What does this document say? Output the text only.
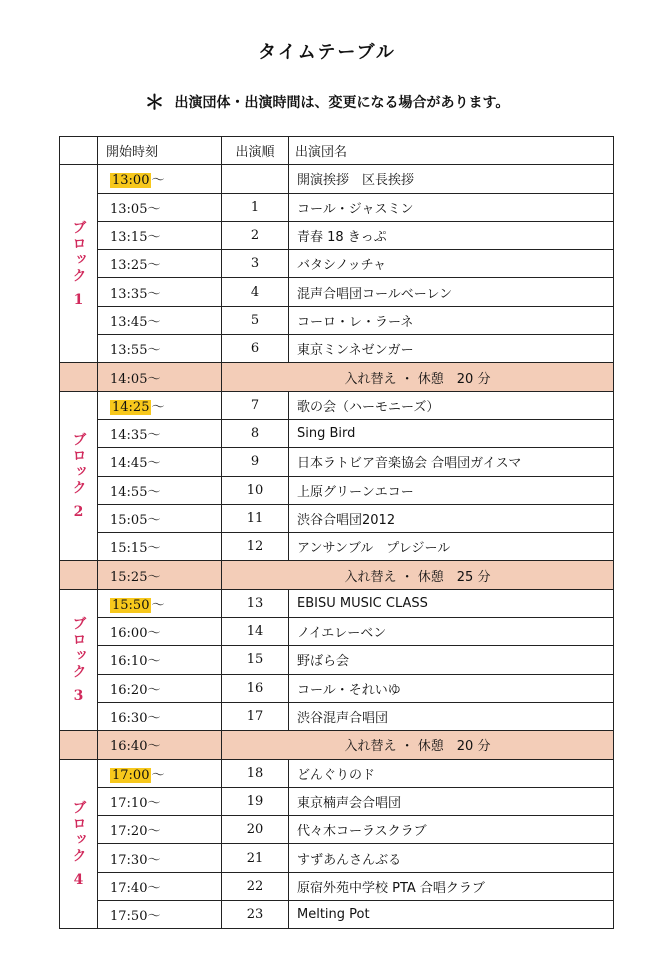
タイムテーブル
＊ 出演団体・出演時間は、変更になる場合があります。
	開始時刻	出演順	出演団名
ブロック
1	13:00 ～		開演挨拶　区長挨拶
	13:05～	1	コール・ジャスミン
	13:15～	2	青春 18 きっぷ
	13:25～	3	バタシノッチャ
	13:35～	4	混声合唱団コールベーレン
	13:45～	5	コーロ・レ・ラーネ
	13:55～	6	東京ミンネゼンガー
	14:05～	入れ替え ・ 休憩　20 分	
ブロック
2	14:25 ～	7	歌の会（ハーモニーズ）
	14:35～	8	Sing Bird
	14:45～	9	日本ラトビア音楽協会 合唱団ガイスマ
	14:55～	10	上原グリーンエコー
	15:05～	11	渋谷合唱団2012
	15:15～	12	アンサンブル　プレジール
	15:25～	入れ替え ・ 休憩　25 分	
ブロック
3	15:50 ～	13	EBISU MUSIC CLASS
	16:00～	14	ノイエレーベン
	16:10～	15	野ばら会
	16:20～	16	コール・それいゆ
	16:30～	17	渋谷混声合唱団
	16:40～	入れ替え ・ 休憩　20 分	
ブロック
4	17:00 ～	18	どんぐりのド
	17:10～	19	東京楠声会合唱団
	17:20～	20	代々木コーラスクラブ
	17:30～	21	すずあんさんぶる
	17:40～	22	原宿外苑中学校 PTA 合唱クラブ
	17:50～	23	Melting Pot
